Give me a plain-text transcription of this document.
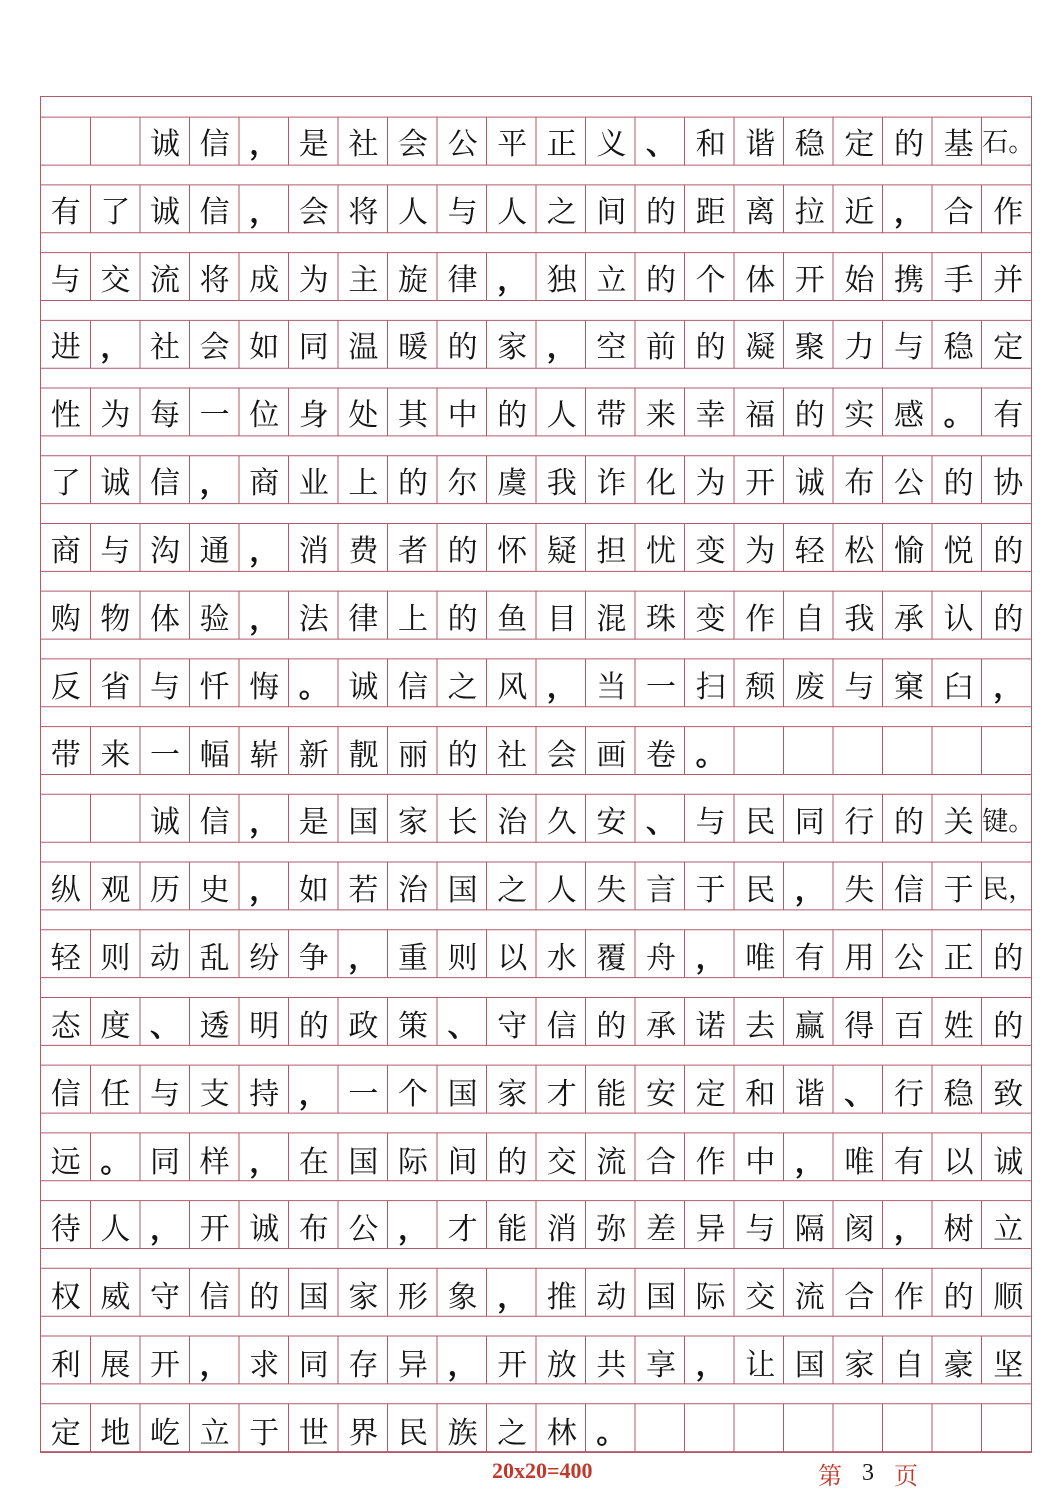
诚 信 ， 是 社 会 公 平 正 义 、 和 谐 稳 定 的 基 石。
有 了 诚 信 ， 会 将 人 与 人 之 间 的 距 离 拉 近 ， 合 作
与 交 流 将 成 为 主 旋 律 ， 独 立 的 个 体 开 始 携 手 并
进 ， 社 会 如 同 温 暖 的 家 ， 空 前 的 凝 聚 力 与 稳 定
性 为 每 一 位 身 处 其 中 的 人 带 来 幸 福 的 实 感 。 有
了 诚 信 ， 商 业 上 的 尔 虞 我 诈 化 为 开 诚 布 公 的 协
商 与 沟 通 ， 消 费 者 的 怀 疑 担 忧 变 为 轻 松 愉 悦 的
购 物 体 验 ， 法 律 上 的 鱼 目 混 珠 变 作 自 我 承 认 的
反 省 与 忏 悔 。 诚 信 之 风 ， 当 一 扫 颓 废 与 窠 臼 ，
带 来 一 幅 崭 新 靓 丽 的 社 会 画 卷 。
诚 信 ， 是 国 家 长 治 久 安 、 与 民 同 行 的 关 键。
纵 观 历 史 ， 如 若 治 国 之 人 失 言 于 民 ， 失 信 于 民，
轻 则 动 乱 纷 争 ， 重 则 以 水 覆 舟 ， 唯 有 用 公 正 的
态 度 、 透 明 的 政 策 、 守 信 的 承 诺 去 赢 得 百 姓 的
信 任 与 支 持 ， 一 个 国 家 才 能 安 定 和 谐 、 行 稳 致
远 。 同 样 ， 在 国 际 间 的 交 流 合 作 中 ， 唯 有 以 诚
待 人 ， 开 诚 布 公 ， 才 能 消 弥 差 异 与 隔 阂 ， 树 立
权 威 守 信 的 国 家 形 象 ， 推 动 国 际 交 流 合 作 的 顺
利 展 开 ， 求 同 存 异 ， 开 放 共 享 ， 让 国 家 自 豪 坚
定 地 屹 立 于 世 界 民 族 之 林 。
20x20=400	第 3 页
